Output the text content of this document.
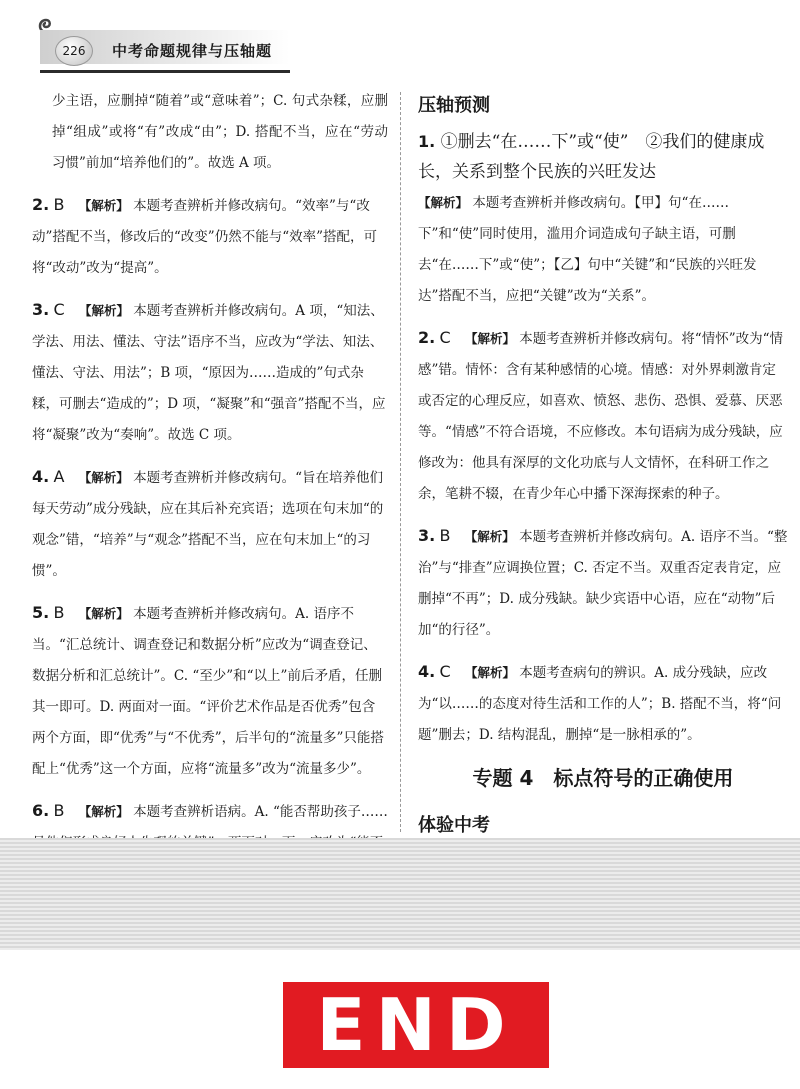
226	中考命题规律与压轴题
少主语，应删掉“随着”或“意味着”；C. 句式杂糅，应删掉“组成”或将“有”改成“由”；D. 搭配不当，应在“劳动习惯”前加“培养他们的”。故选 A 项。
2. B 【解析】 本题考查辨析并修改病句。“效率”与“改动”搭配不当，修改后的“改变”仍然不能与“效率”搭配，可将“改动”改为“提高”。
3. C 【解析】 本题考查辨析并修改病句。A 项，“知法、学法、用法、懂法、守法”语序不当，应改为“学法、知法、懂法、守法、用法”；B 项，“原因为……造成的”句式杂糅，可删去“造成的”；D 项，“凝聚”和“强音”搭配不当，应将“凝聚”改为“奏响”。故选 C 项。
4. A 【解析】 本题考查辨析并修改病句。“旨在培养他们每天劳动”成分残缺，应在其后补充宾语；选项在句末加“的观念”错，“培养”与“观念”搭配不当，应在句末加上“的习惯”。
5. B 【解析】 本题考查辨析并修改病句。A. 语序不当。“汇总统计、调查登记和数据分析”应改为“调查登记、数据分析和汇总统计”。C. “至少”和“以上”前后矛盾，任删其一即可。D. 两面对一面。“评价艺术作品是否优秀”包含两个方面，即“优秀”与“不优秀”，后半句的“流量多”只能搭配上“优秀”这一个方面，应将“流量多”改为“流量多少”。
6. B 【解析】 本题考查辨析语病。A. “能否帮助孩子……
压轴预测
1. ①删去“在……下”或“使”　②我们的健康成长，关系到整个民族的兴旺发达
【解析】 本题考查辨析并修改病句。【甲】句“在……下”和“使”同时使用，滥用介词造成句子缺主语，可删去“在……下”或“使”；【乙】句中“关键”和“民族的兴旺发达”搭配不当，应把“关键”改为“关系”。
2. C 【解析】 本题考查辨析并修改病句。将“情怀”改为“情感”错。情怀：含有某种感情的心境。情感：对外界刺激肯定或否定的心理反应，如喜欢、愤怒、悲伤、恐惧、爱慕、厌恶等。“情感”不符合语境，不应修改。本句语病为成分残缺，应修改为：他具有深厚的文化功底与人文情怀，在科研工作之余，笔耕不辍，在青少年心中播下深海探索的种子。
3. B 【解析】 本题考查辨析并修改病句。A. 语序不当。“整治”与“排查”应调换位置；C. 否定不当。双重否定表肯定，应删掉“不再”；D. 成分残缺。缺少宾语中心语，应在“动物”后加“的行径”。
4. C 【解析】 本题考查病句的辨识。A. 成分残缺，应改为“以……的态度对待生活和工作的人”；B. 搭配不当，将“问题”删去；D. 结构混乱，删掉“是一脉相承的”。
专题 4　标点符号的正确使用
体验中考
END
